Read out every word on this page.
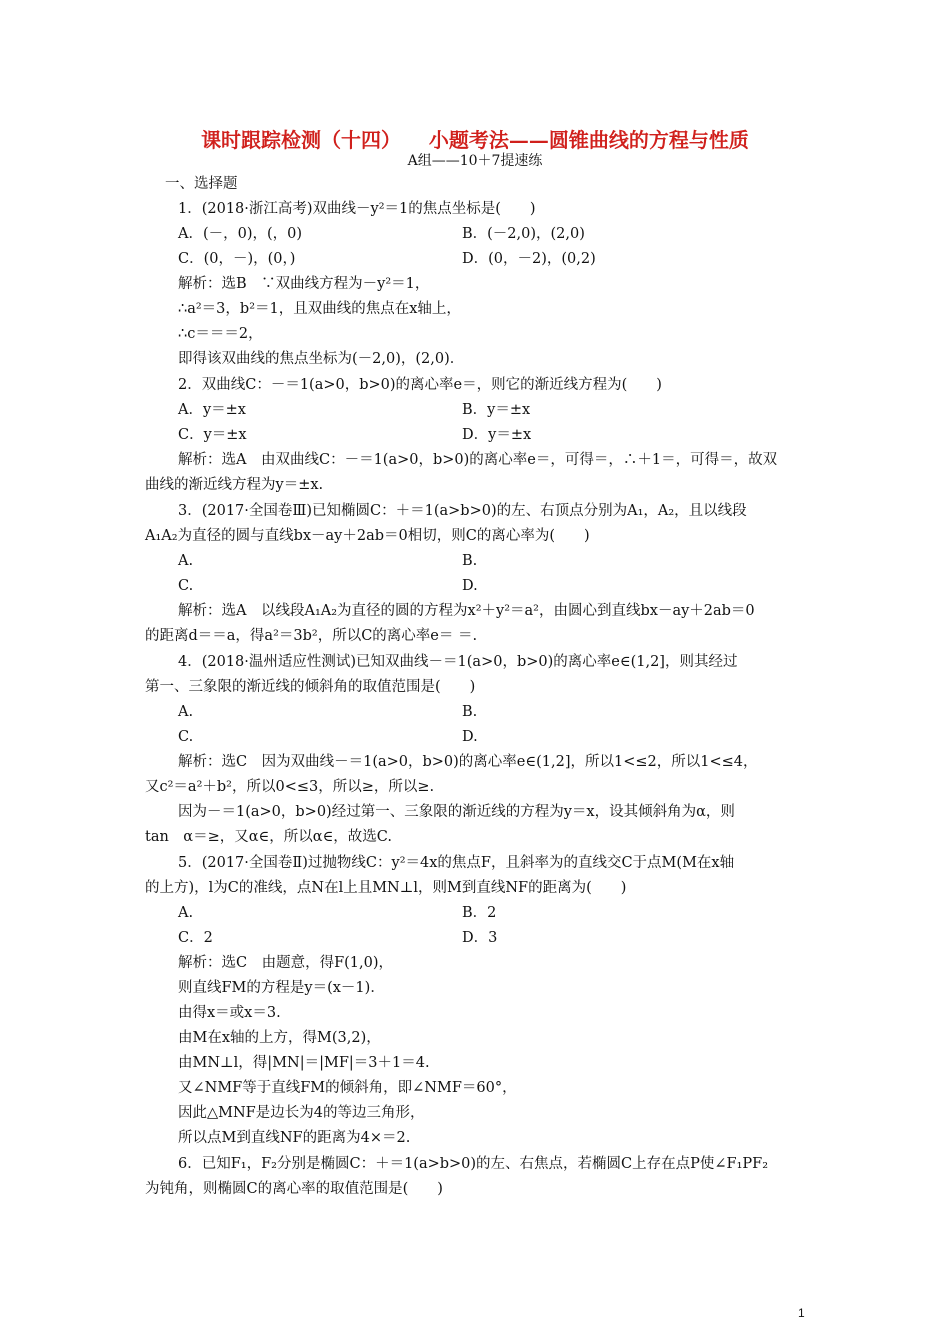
课时跟踪检测（十四）    小题考法——圆锥曲线的方程与性质
A组——10＋7提速练
一、选择题
1．(2018·浙江高考)双曲线－y²＝1的焦点坐标是(　　)
A．(－，0)，(，0)	B．(－2,0)，(2,0)
C．(0，－)，(0，)	D．(0，－2)，(0,2)
解析：选B　∵双曲线方程为－y²＝1，
∴a²＝3，b²＝1，且双曲线的焦点在x轴上，
∴c＝＝＝2，
即得该双曲线的焦点坐标为(－2,0)，(2,0)．
2．双曲线C：－＝1(a>0，b>0)的离心率e＝，则它的渐近线方程为(　　)
A．y＝±x	B．y＝±x
C．y＝±x	D．y＝±x
解析：选A　由双曲线C：－＝1(a>0，b>0)的离心率e＝，可得＝，∴＋1＝，可得＝，故双
曲线的渐近线方程为y＝±x.
3．(2017·全国卷Ⅲ)已知椭圆C：＋＝1(a>b>0)的左、右顶点分别为A₁，A₂，且以线段
A₁A₂为直径的圆与直线bx－ay＋2ab＝0相切，则C的离心率为(　　)
A.	B.
C.	D.
解析：选A　以线段A₁A₂为直径的圆的方程为x²＋y²＝a²，由圆心到直线bx－ay＋2ab＝0
的距离d＝＝a，得a²＝3b²，所以C的离心率e＝ ＝.
4．(2018·温州适应性测试)已知双曲线－＝1(a>0，b>0)的离心率e∈(1,2]，则其经过
第一、三象限的渐近线的倾斜角的取值范围是(　　)
A.	B.
C.	D.
解析：选C　因为双曲线－＝1(a>0，b>0)的离心率e∈(1,2]，所以1<≤2，所以1<≤4，
又c²＝a²＋b²，所以0<≤3，所以≥，所以≥.
因为－＝1(a>0，b>0)经过第一、三象限的渐近线的方程为y＝x，设其倾斜角为α，则
tan　α＝≥，又α∈，所以α∈，故选C.
5．(2017·全国卷Ⅱ)过抛物线C：y²＝4x的焦点F，且斜率为的直线交C于点M(M在x轴
的上方)，l为C的准线，点N在l上且MN⊥l，则M到直线NF的距离为(　　)
A.	B．2
C．2	D．3
解析：选C　由题意，得F(1,0)，
则直线FM的方程是y＝(x－1)．
由得x＝或x＝3.
由M在x轴的上方，得M(3,2)，
由MN⊥l，得|MN|＝|MF|＝3＋1＝4.
又∠NMF等于直线FM的倾斜角，即∠NMF＝60°，
因此△MNF是边长为4的等边三角形，
所以点M到直线NF的距离为4×＝2.
6．已知F₁，F₂分别是椭圆C：＋＝1(a>b>0)的左、右焦点，若椭圆C上存在点P使∠F₁PF₂
为钝角，则椭圆C的离心率的取值范围是(　　)
1
